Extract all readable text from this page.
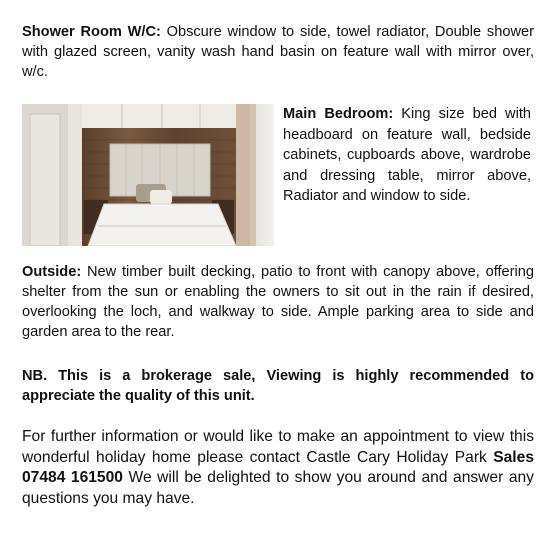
Shower Room W/C: Obscure window to side, towel radiator, Double shower with glazed screen, vanity wash hand basin on feature wall with mirror over, w/c.
Main Bedroom: King size bed with headboard on feature wall, bedside cabinets, cupboards above, wardrobe and dressing table, mirror above, Radiator and window to side.
Outside: New timber built decking, patio to front with canopy above, offering shelter from the sun or enabling the owners to sit out in the rain if desired, overlooking the loch, and walkway to side. Ample parking area to side and garden area to the rear.
NB. This is a brokerage sale, Viewing is highly recommended to appreciate the quality of this unit.
For further information or would like to make an appointment to view this wonderful holiday home please contact Castle Cary Holiday Park Sales 07484 161500 We will be delighted to show you around and answer any questions you may have.
